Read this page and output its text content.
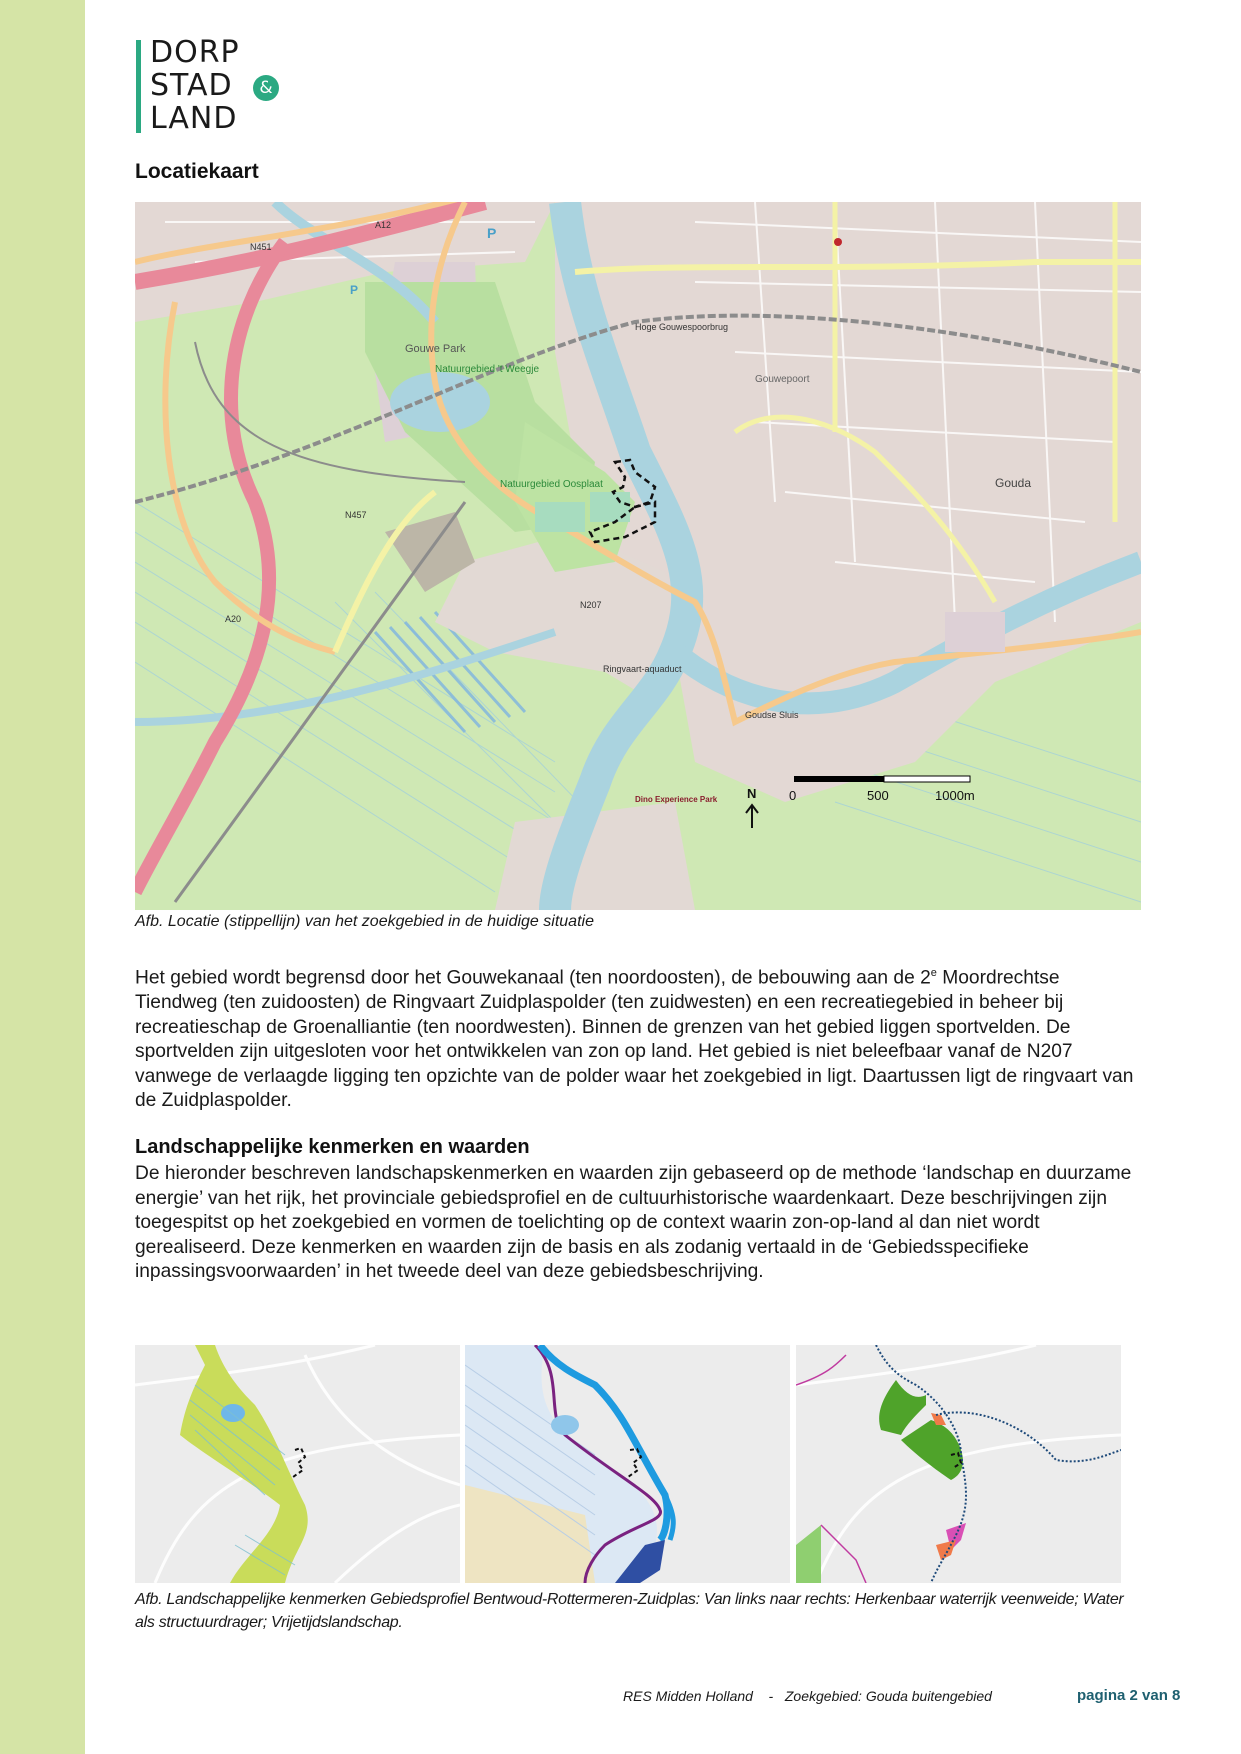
DORP
STAD
LAND
&
Locatiekaart
Gouwe Park
Natuurgebied 't Weegje
Natuurgebied Oosplaat	Gouda
Gouwepoort
Hoge Gouwespoorbrug
Dino Experience Park
Goudse Sluis
Ringvaart-aquaduct
A12
A20
N207
N457
N451
P
P
N	0	500	1000m
Afb. Locatie (stippellijn) van het zoekgebied in de huidige situatie

Het gebied wordt begrensd door het Gouwekanaal (ten noordoosten), de bebouwing aan de 2e Moordrechtse Tiendweg (ten zuidoosten) de Ringvaart Zuidplaspolder (ten zuidwesten) en een recreatiegebied in beheer bij recreatieschap de Groenalliantie (ten noordwesten). Binnen de grenzen van het gebied liggen sportvelden. De sportvelden zijn uitgesloten voor het ontwikkelen van zon op land. Het gebied is niet beleefbaar vanaf de N207 vanwege de verlaagde ligging ten opzichte van de polder waar het zoekgebied in ligt. Daartussen ligt de ringvaart van de Zuidplaspolder.

Landschappelijke kenmerken en waarden

De hieronder beschreven landschapskenmerken en waarden zijn gebaseerd op de methode ‘landschap en duurzame energie’ van het rijk, het provinciale gebiedsprofiel en de cultuurhistorische waardenkaart. Deze beschrijvingen zijn toegespitst op het zoekgebied en vormen de toelichting op de context waarin zon-op-land al dan niet wordt gerealiseerd. Deze kenmerken en waarden zijn de basis en als zodanig vertaald in de ‘Gebiedsspecifieke inpassingsvoorwaarden’ in het tweede deel van deze gebiedsbeschrijving.

Afb. Landschappelijke kenmerken Gebiedsprofiel Bentwoud-Rottermeren-Zuidplas: Van links naar rechts: Herkenbaar waterrijk veenweide; Water als structuurdrager; Vrijetijdslandschap.
RES Midden Holland - Zoekgebied: Gouda buitengebied	pagina 2 van 8
